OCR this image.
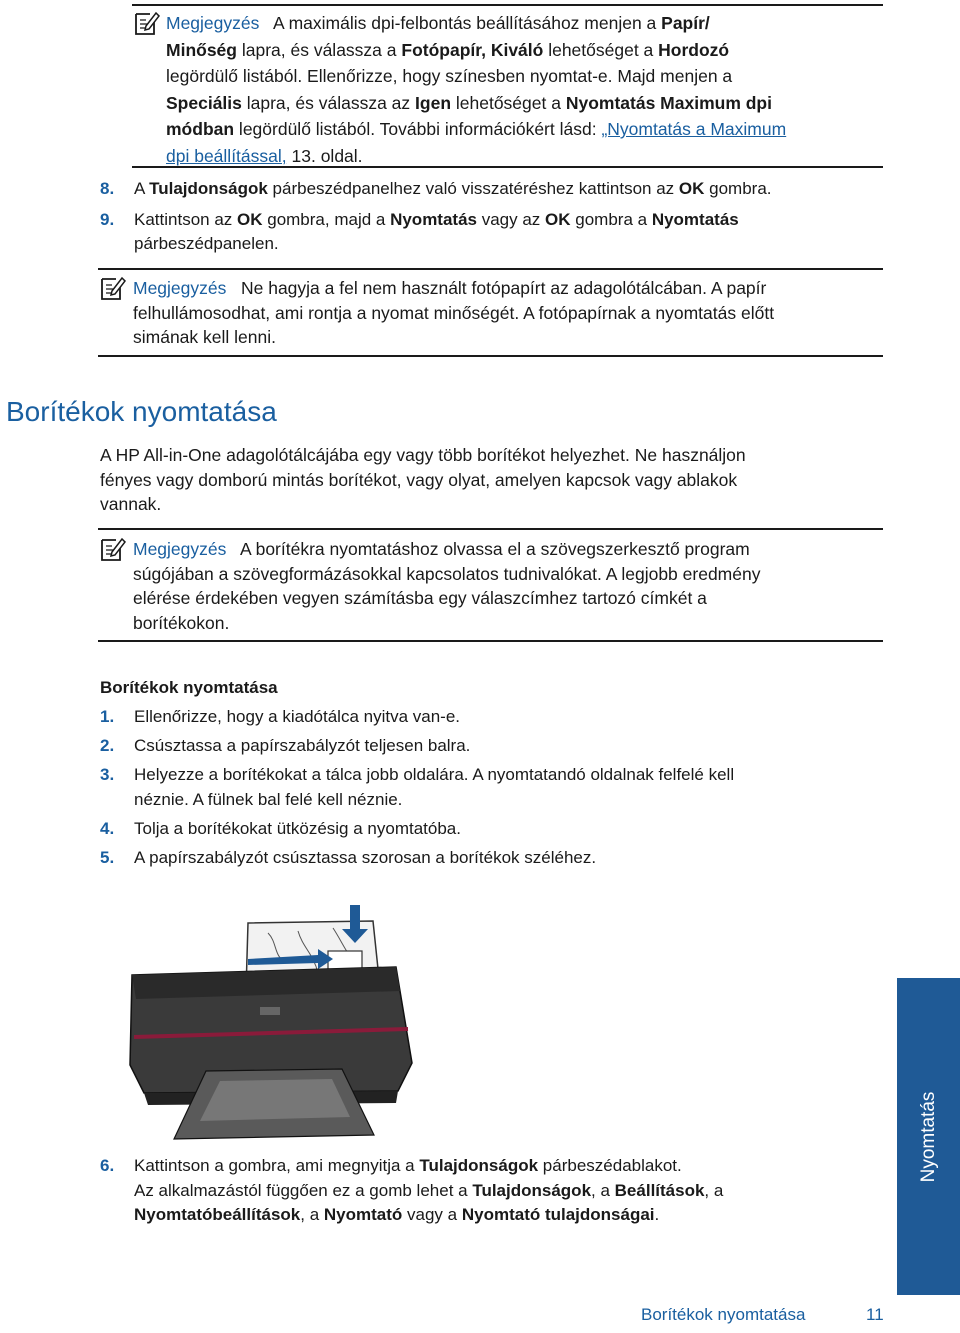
Megjegyzés A maximális dpi-felbontás beállításához menjen a Papír/
Minőség lapra, és válassza a Fotópapír, Kiváló lehetőséget a Hordozó
legördülő listából. Ellenőrizze, hogy színesben nyomtat-e. Majd menjen a
Speciális lapra, és válassza az Igen lehetőséget a Nyomtatás Maximum dpi
módban legördülő listából. További információkért lásd: „Nyomtatás a Maximum
dpi beállítással, 13. oldal.
Megjegyzés Ne hagyja a fel nem használt fotópapírt az adagolótálcában. A papír
felhullámosodhat, ami rontja a nyomat minőségét. A fotópapírnak a nyomtatás előtt
simának kell lenni.
Borítékok nyomtatása
A HP All-in-One adagolótálcájába egy vagy több borítékot helyezhet. Ne használjon
fényes vagy domború mintás borítékot, vagy olyat, amelyen kapcsok vagy ablakok
vannak.
Megjegyzés A borítékra nyomtatáshoz olvassa el a szövegszerkesztő program
súgójában a szövegformázásokkal kapcsolatos tudnivalókat. A legjobb eredmény
elérése érdekében vegyen számításba egy válaszcímhez tartozó címkét a
borítékokon.
Borítékok nyomtatása
Nyomtatás
Borítékok nyomtatása	11
8. A Tulajdonságok párbeszédpanelhez való visszatéréshez kattintson az OK gombra.
9. Kattintson az OK gombra, majd a Nyomtatás vagy az OK gombra a Nyomtatás
párbeszédpanelen.
1. Ellenőrizze, hogy a kiadótálca nyitva van-e.
2. Csúsztassa a papírszabályzót teljesen balra.
3. Helyezze a borítékokat a tálca jobb oldalára. A nyomtatandó oldalnak felfelé kell
néznie. A fülnek bal felé kell néznie.
4. Tolja a borítékokat ütközésig a nyomtatóba.
5. A papírszabályzót csúsztassa szorosan a borítékok széléhez.
6. Kattintson a gombra, ami megnyitja a Tulajdonságok párbeszédablakot.
Az alkalmazástól függően ez a gomb lehet a Tulajdonságok, a Beállítások, a
Nyomtatóbeállítások, a Nyomtató vagy a Nyomtató tulajdonságai.
